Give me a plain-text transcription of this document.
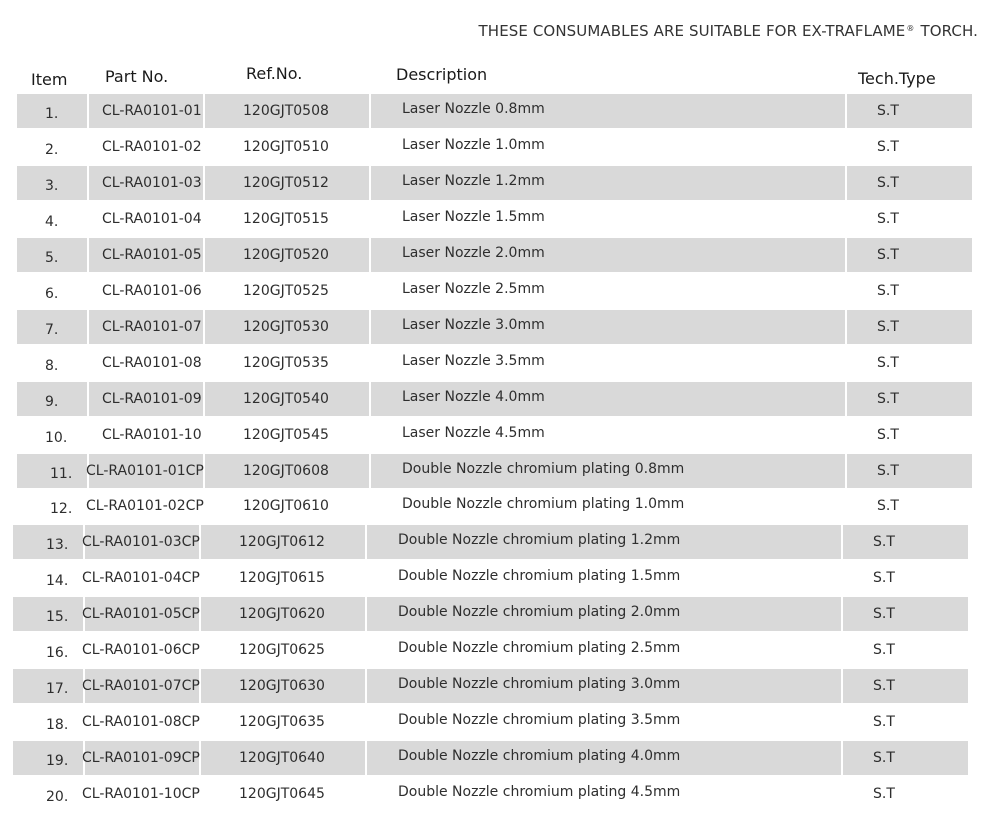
THESE CONSUMABLES ARE SUITABLE FOR EX-TRAFLAME® TORCH.
Item Part No.	Ref.No.	Description	Tech.Type
1.	CL-RA0101-01	120GJT0508	Laser Nozzle 0.8mm	S.T
2.	CL-RA0101-02	120GJT0510	Laser Nozzle 1.0mm	S.T
3.	CL-RA0101-03	120GJT0512	Laser Nozzle 1.2mm	S.T
4.	CL-RA0101-04	120GJT0515	Laser Nozzle 1.5mm	S.T
5.	CL-RA0101-05	120GJT0520	Laser Nozzle 2.0mm	S.T
6.	CL-RA0101-06	120GJT0525	Laser Nozzle 2.5mm	S.T
7.	CL-RA0101-07	120GJT0530	Laser Nozzle 3.0mm	S.T
8.	CL-RA0101-08	120GJT0535	Laser Nozzle 3.5mm	S.T
9.	CL-RA0101-09	120GJT0540	Laser Nozzle 4.0mm	S.T
10. CL-RA0101-10	120GJT0545	Laser Nozzle 4.5mm	S.T
11. CL-RA0101-01CP	120GJT0608	Double Nozzle chromium plating 0.8mm	S.T
12. CL-RA0101-02CP	120GJT0610	Double Nozzle chromium plating 1.0mm	S.T
13. CL-RA0101-03CP	120GJT0612	Double Nozzle chromium plating 1.2mm	S.T
14. CL-RA0101-04CP	120GJT0615	Double Nozzle chromium plating 1.5mm	S.T
15. CL-RA0101-05CP	120GJT0620	Double Nozzle chromium plating 2.0mm	S.T
16. CL-RA0101-06CP	120GJT0625	Double Nozzle chromium plating 2.5mm	S.T
17. CL-RA0101-07CP	120GJT0630	Double Nozzle chromium plating 3.0mm	S.T
18. CL-RA0101-08CP	120GJT0635	Double Nozzle chromium plating 3.5mm	S.T
19. CL-RA0101-09CP	120GJT0640	Double Nozzle chromium plating 4.0mm	S.T
20. CL-RA0101-10CP	120GJT0645	Double Nozzle chromium plating 4.5mm	S.T
